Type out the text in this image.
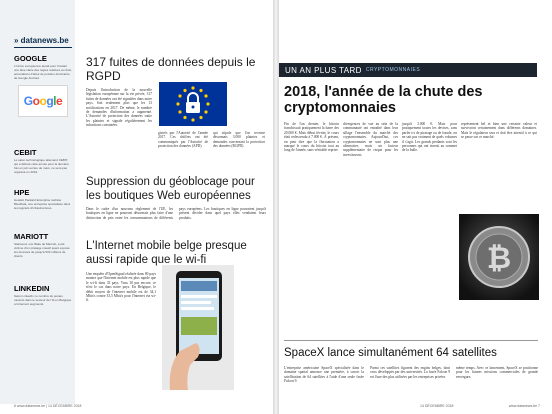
» datanews.be
GOOGLE
L'Union européenne aurait pour l'instant une idée claire des règles relatives au droit, accusations d'abus de position dominante de Google Android.
G o o g l e
CEBIT
Le salon technologique allemand CEBIT, qui a débuté cette année pour la dernière fois en juin au lieu de mars, ne sera pas organisé en 2019.
HPE
Hewlett Packard Enterprise rachète BlueData, une entreprise spécialisée dans les logiciels d'infrastructures.
MARIOTT
Starwood, une filiale de Marriott, a été victime d'un piratage massif ayant exposé les données de jusqu'à 500 millions de clients.
LINKEDIN
Selon LinkedIn, le nombre de postes vacants dans le secteur de l'IA en Belgique a fortement augmenté.
317 fuites de données depuis le RGPD
Depuis l'introduction de la nouvelle législation européenne sur la vie privée, 317 fuites de données ont été signalées dans notre pays. Soit seulement plus que les 13 notifications en 2017. De même, le nombre de demandes d'information a augmenté. L'Autorité de protection des données traite les plaintes et signale régulièrement les infractions constatées.
gistrés par l'Autorité de l'année 2017. Ces chiffres ont été communiqués par l'Autorité de protection des données (APD).
qui stipule que l'on recense désormais 3.000 plaintes et demandes concernant la protection des données (RGPD).
Suppression du géoblocage pour les boutiques Web européennes
Dans le cadre d'un nouveau règlement de l'UE, les boutiques en ligne ne pourront désormais plus faire d'une distinction de prix entre les consommateurs de différents pays européens. Les boutiques en ligne pouvaient jusqu'à présent décider dans quel pays elles vendaient leurs produits.
L'Internet mobile belge presque aussi rapide que le wi-fi
Une enquête d'OpenSignal réalisée dans 80 pays montre que l'Internet mobile est plus rapide que le wi-fi dans 33 pays. Vous 10 pas encore, ce n'est le cas dans notre pays. En Belgique, le débit moyen de l'internet mobile est de 34,1 Mbit/s contre 33,5 Mbit/s pour l'Internet via wi-fi.
6 www.datanews.be | 14 DÉCEMBRE 2018
UN AN PLUS TARD CRYPTOMONNAIES
2018, l'année de la chute des cryptomonnaies
Fin de l'an dernier, le bitcoin franchissait pratiquement la barre des 20.000 €. Mais début février, le cours était redescendu à 7.000 €. À présent, on peut dire que la fluctuation a marqué le cours du bitcoin tout au long de l'année, sans véritable reprise.
divergences de vue au sein de la communauté ont entraîné dans leur sillage l'ensemble du marché des cryptomonnaies. Aujourd'hui, ces cryptomonnaies ne sont plus une alternative, mais un facteur supplémentaire de risque pour les investisseurs.
jusqu'à 3.000 €. Mais pour pratiquement toutes les devises, sans parler ici de piratage ou de fraude, on ne sait pas vraiment de quels volumes il s'agit. Les grands perdants sont les personnes qui ont investi au sommet de la bulle.
représentent bel et bien une certaine valeur et survivront certainement dans différents domaines. Mais le régulateur sera et doit être attentif à ce qui se passe sur ce marché.
₿
SpaceX lance simultanément 64 satellites
L'entreprise américaine SpaceX spécialisée dans le domaine spatial annonce une première, à savoir la satellisation de 64 satellites à l'aide d'une seule fusée Falcon 9.
Parmi ces satellites figurent des engins belges, dont ceux développés par des universités. La fusée Falcon 9 est l'une des plus utilisées par les entreprises privées.
même temps. Avec ce lancement, SpaceX se positionne pour les futures missions commerciales de grande envergure.
14 DÉCEMBRE 2018	www.datanews.be 7
